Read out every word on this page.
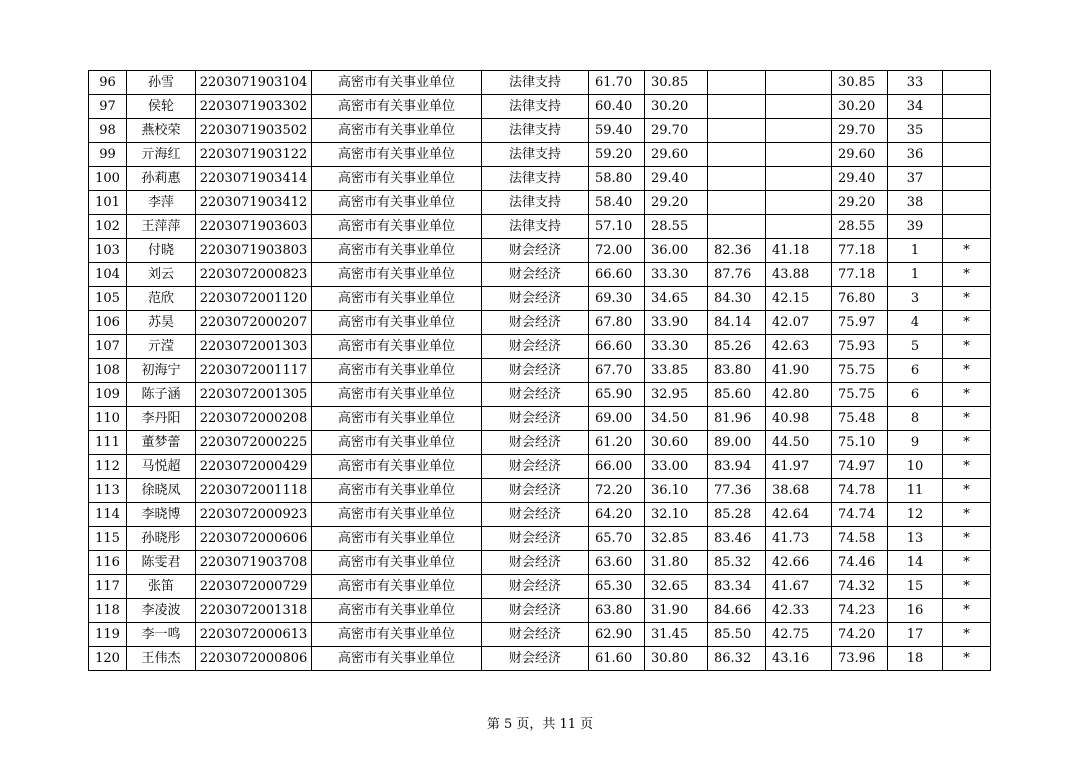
96	孙雪	2203071903104	高密市有关事业单位	法律支持	61.70	30.85			30.85	33	
97	侯轮	2203071903302	高密市有关事业单位	法律支持	60.40	30.20			30.20	34	
98	燕校荣	2203071903502	高密市有关事业单位	法律支持	59.40	29.70			29.70	35	
99	亓海红	2203071903122	高密市有关事业单位	法律支持	59.20	29.60			29.60	36	
100	孙莉惠	2203071903414	高密市有关事业单位	法律支持	58.80	29.40			29.40	37	
101	李萍	2203071903412	高密市有关事业单位	法律支持	58.40	29.20			29.20	38	
102	王萍萍	2203071903603	高密市有关事业单位	法律支持	57.10	28.55			28.55	39	
103	付晓	2203071903803	高密市有关事业单位	财会经济	72.00	36.00	82.36	41.18	77.18	1	*
104	刘云	2203072000823	高密市有关事业单位	财会经济	66.60	33.30	87.76	43.88	77.18	1	*
105	范欣	2203072001120	高密市有关事业单位	财会经济	69.30	34.65	84.30	42.15	76.80	3	*
106	苏昊	2203072000207	高密市有关事业单位	财会经济	67.80	33.90	84.14	42.07	75.97	4	*
107	亓滢	2203072001303	高密市有关事业单位	财会经济	66.60	33.30	85.26	42.63	75.93	5	*
108	初海宁	2203072001117	高密市有关事业单位	财会经济	67.70	33.85	83.80	41.90	75.75	6	*
109	陈子涵	2203072001305	高密市有关事业单位	财会经济	65.90	32.95	85.60	42.80	75.75	6	*
110	李丹阳	2203072000208	高密市有关事业单位	财会经济	69.00	34.50	81.96	40.98	75.48	8	*
111	董梦蕾	2203072000225	高密市有关事业单位	财会经济	61.20	30.60	89.00	44.50	75.10	9	*
112	马悦超	2203072000429	高密市有关事业单位	财会经济	66.00	33.00	83.94	41.97	74.97	10	*
113	徐晓凤	2203072001118	高密市有关事业单位	财会经济	72.20	36.10	77.36	38.68	74.78	11	*
114	李晓博	2203072000923	高密市有关事业单位	财会经济	64.20	32.10	85.28	42.64	74.74	12	*
115	孙晓彤	2203072000606	高密市有关事业单位	财会经济	65.70	32.85	83.46	41.73	74.58	13	*
116	陈雯君	2203071903708	高密市有关事业单位	财会经济	63.60	31.80	85.32	42.66	74.46	14	*
117	张笛	2203072000729	高密市有关事业单位	财会经济	65.30	32.65	83.34	41.67	74.32	15	*
118	李凌波	2203072001318	高密市有关事业单位	财会经济	63.80	31.90	84.66	42.33	74.23	16	*
119	李一鸣	2203072000613	高密市有关事业单位	财会经济	62.90	31.45	85.50	42.75	74.20	17	*
120	王伟杰	2203072000806	高密市有关事业单位	财会经济	61.60	30.80	86.32	43.16	73.96	18	*
第 5 页，共 11 页
